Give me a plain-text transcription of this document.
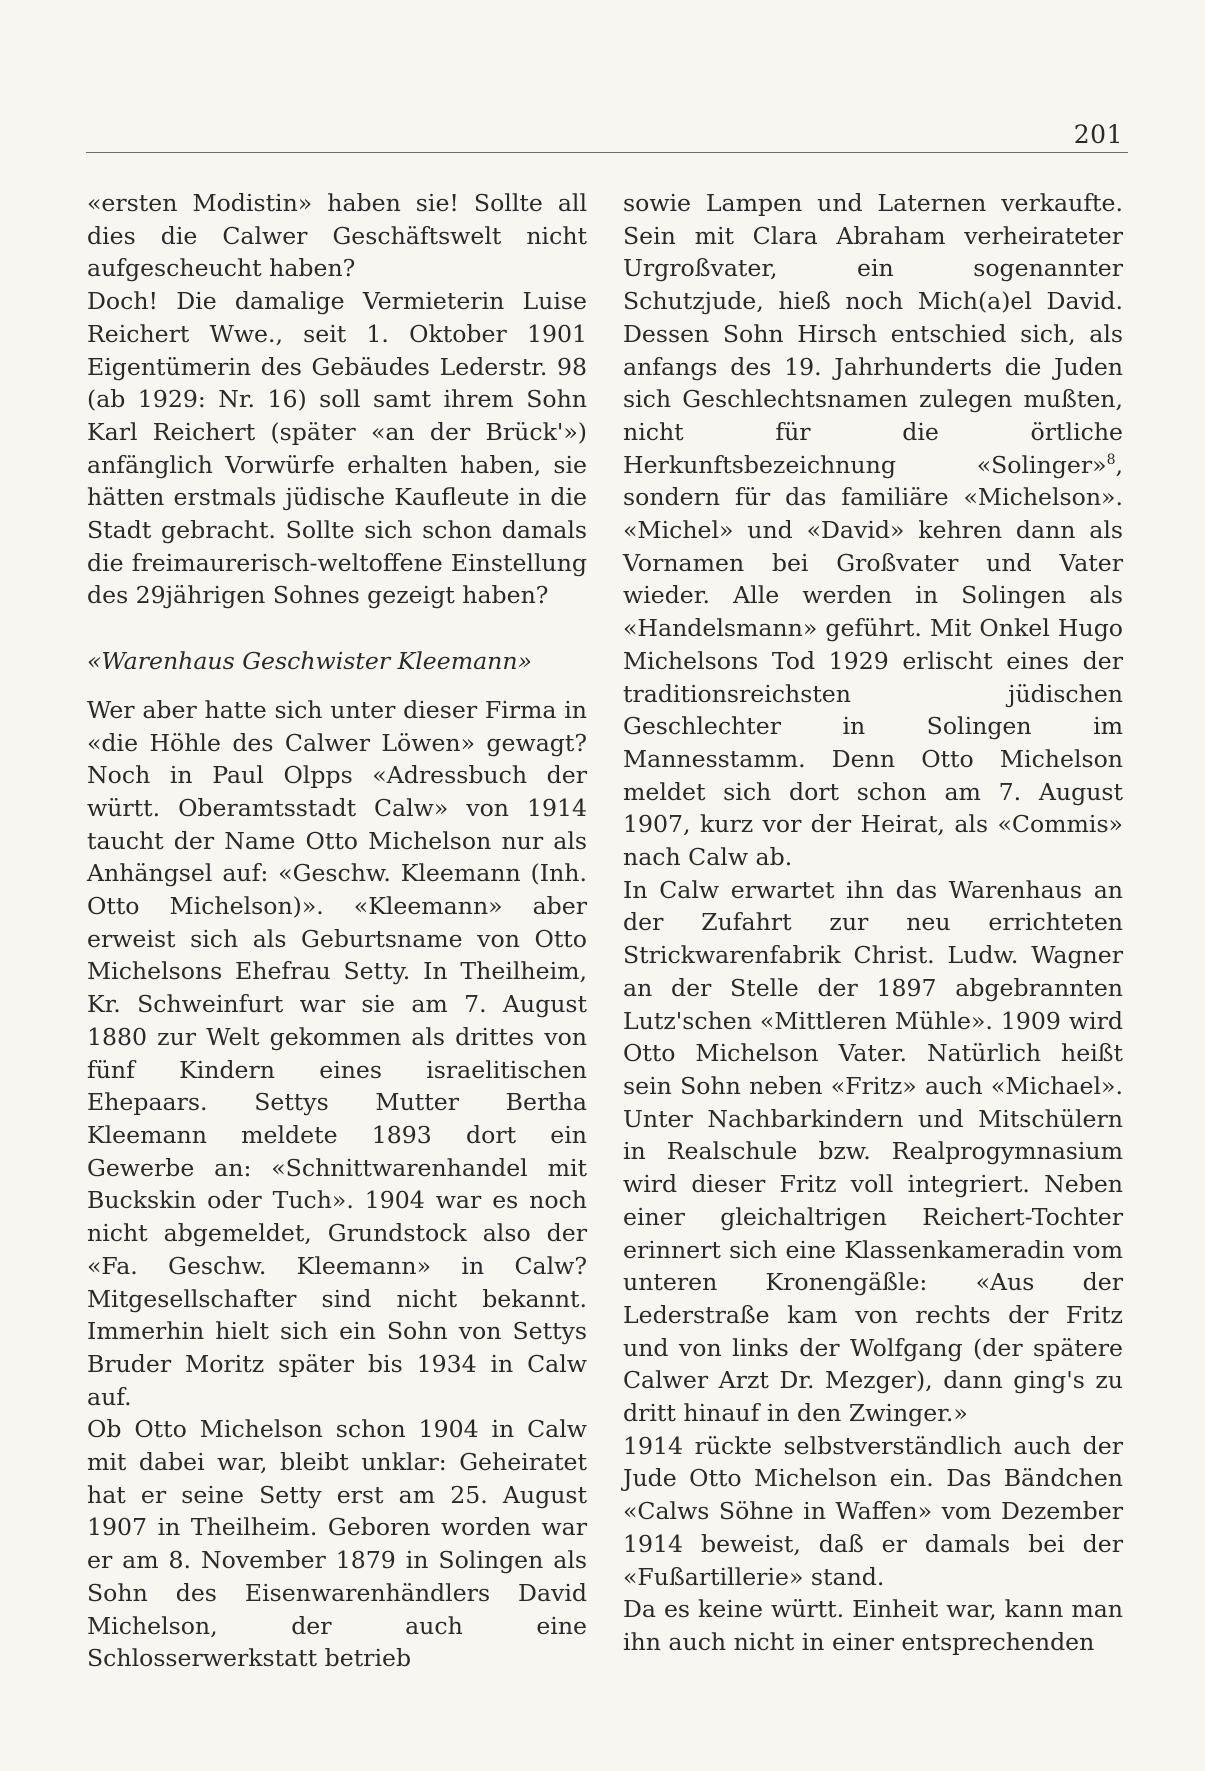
201

«ersten Modistin» haben sie! Sollte all dies die Calwer Geschäftswelt nicht aufgescheucht haben?

Doch! Die damalige Vermieterin Luise Reichert Wwe., seit 1. Oktober 1901 Eigentümerin des Gebäudes Lederstr. 98 (ab 1929: Nr. 16) soll samt ihrem Sohn Karl Reichert (später «an der Brück'») anfänglich Vorwürfe erhalten haben, sie hätten erstmals jüdische Kaufleute in die Stadt gebracht. Sollte sich schon damals die freimaurerisch-weltoffene Einstellung des 29jährigen Sohnes gezeigt haben?

«Warenhaus Geschwister Kleemann»

Wer aber hatte sich unter dieser Firma in «die Höhle des Calwer Löwen» gewagt? Noch in Paul Olpps «Adressbuch der württ. Oberamtsstadt Calw» von 1914 taucht der Name Otto Michelson nur als Anhängsel auf: «Geschw. Kleemann (Inh. Otto Michelson)». «Kleemann» aber erweist sich als Geburtsname von Otto Michelsons Ehefrau Setty. In Theilheim, Kr. Schweinfurt war sie am 7. August 1880 zur Welt gekommen als drittes von fünf Kindern eines israelitischen Ehepaars. Settys Mutter Bertha Kleemann meldete 1893 dort ein Gewerbe an: «Schnittwarenhandel mit Buckskin oder Tuch». 1904 war es noch nicht abgemeldet, Grundstock also der «Fa. Geschw. Kleemann» in Calw? Mitgesellschafter sind nicht bekannt. Immerhin hielt sich ein Sohn von Settys Bruder Moritz später bis 1934 in Calw auf.

Ob Otto Michelson schon 1904 in Calw mit dabei war, bleibt unklar: Geheiratet hat er seine Setty erst am 25. August 1907 in Theilheim. Geboren worden war er am 8. November 1879 in Solingen als Sohn des Eisenwarenhändlers David Michelson, der auch eine Schlosserwerkstatt betrieb

sowie Lampen und Laternen verkaufte. Sein mit Clara Abraham verheirateter Urgroßvater, ein sogenannter Schutzjude, hieß noch Mich(a)el David. Dessen Sohn Hirsch entschied sich, als anfangs des 19. Jahrhunderts die Juden sich Geschlechtsnamen zulegen mußten, nicht für die örtliche Herkunftsbezeichnung «Solinger»$^8$, sondern für das familiäre «Michelson». «Michel» und «David» kehren dann als Vornamen bei Großvater und Vater wieder. Alle werden in Solingen als «Handelsmann» geführt. Mit Onkel Hugo Michelsons Tod 1929 erlischt eines der traditionsreichsten jüdischen Geschlechter in Solingen im Mannesstamm. Denn Otto Michelson meldet sich dort schon am 7. August 1907, kurz vor der Heirat, als «Commis» nach Calw ab.

In Calw erwartet ihn das Warenhaus an der Zufahrt zur neu errichteten Strickwarenfabrik Christ. Ludw. Wagner an der Stelle der 1897 abgebrannten Lutz'schen «Mittleren Mühle». 1909 wird Otto Michelson Vater. Natürlich heißt sein Sohn neben «Fritz» auch «Michael». Unter Nachbarkindern und Mitschülern in Realschule bzw. Realprogymnasium wird dieser Fritz voll integriert. Neben einer gleichaltrigen Reichert-Tochter erinnert sich eine Klassenkameradin vom unteren Kronengäßle: «Aus der Lederstraße kam von rechts der Fritz und von links der Wolfgang (der spätere Calwer Arzt Dr. Mezger), dann ging's zu dritt hinauf in den Zwinger.»

1914 rückte selbstverständlich auch der Jude Otto Michelson ein. Das Bändchen «Calws Söhne in Waffen» vom Dezember 1914 beweist, daß er damals bei der «Fußartillerie» stand.

Da es keine württ. Einheit war, kann man ihn auch nicht in einer entsprechenden
